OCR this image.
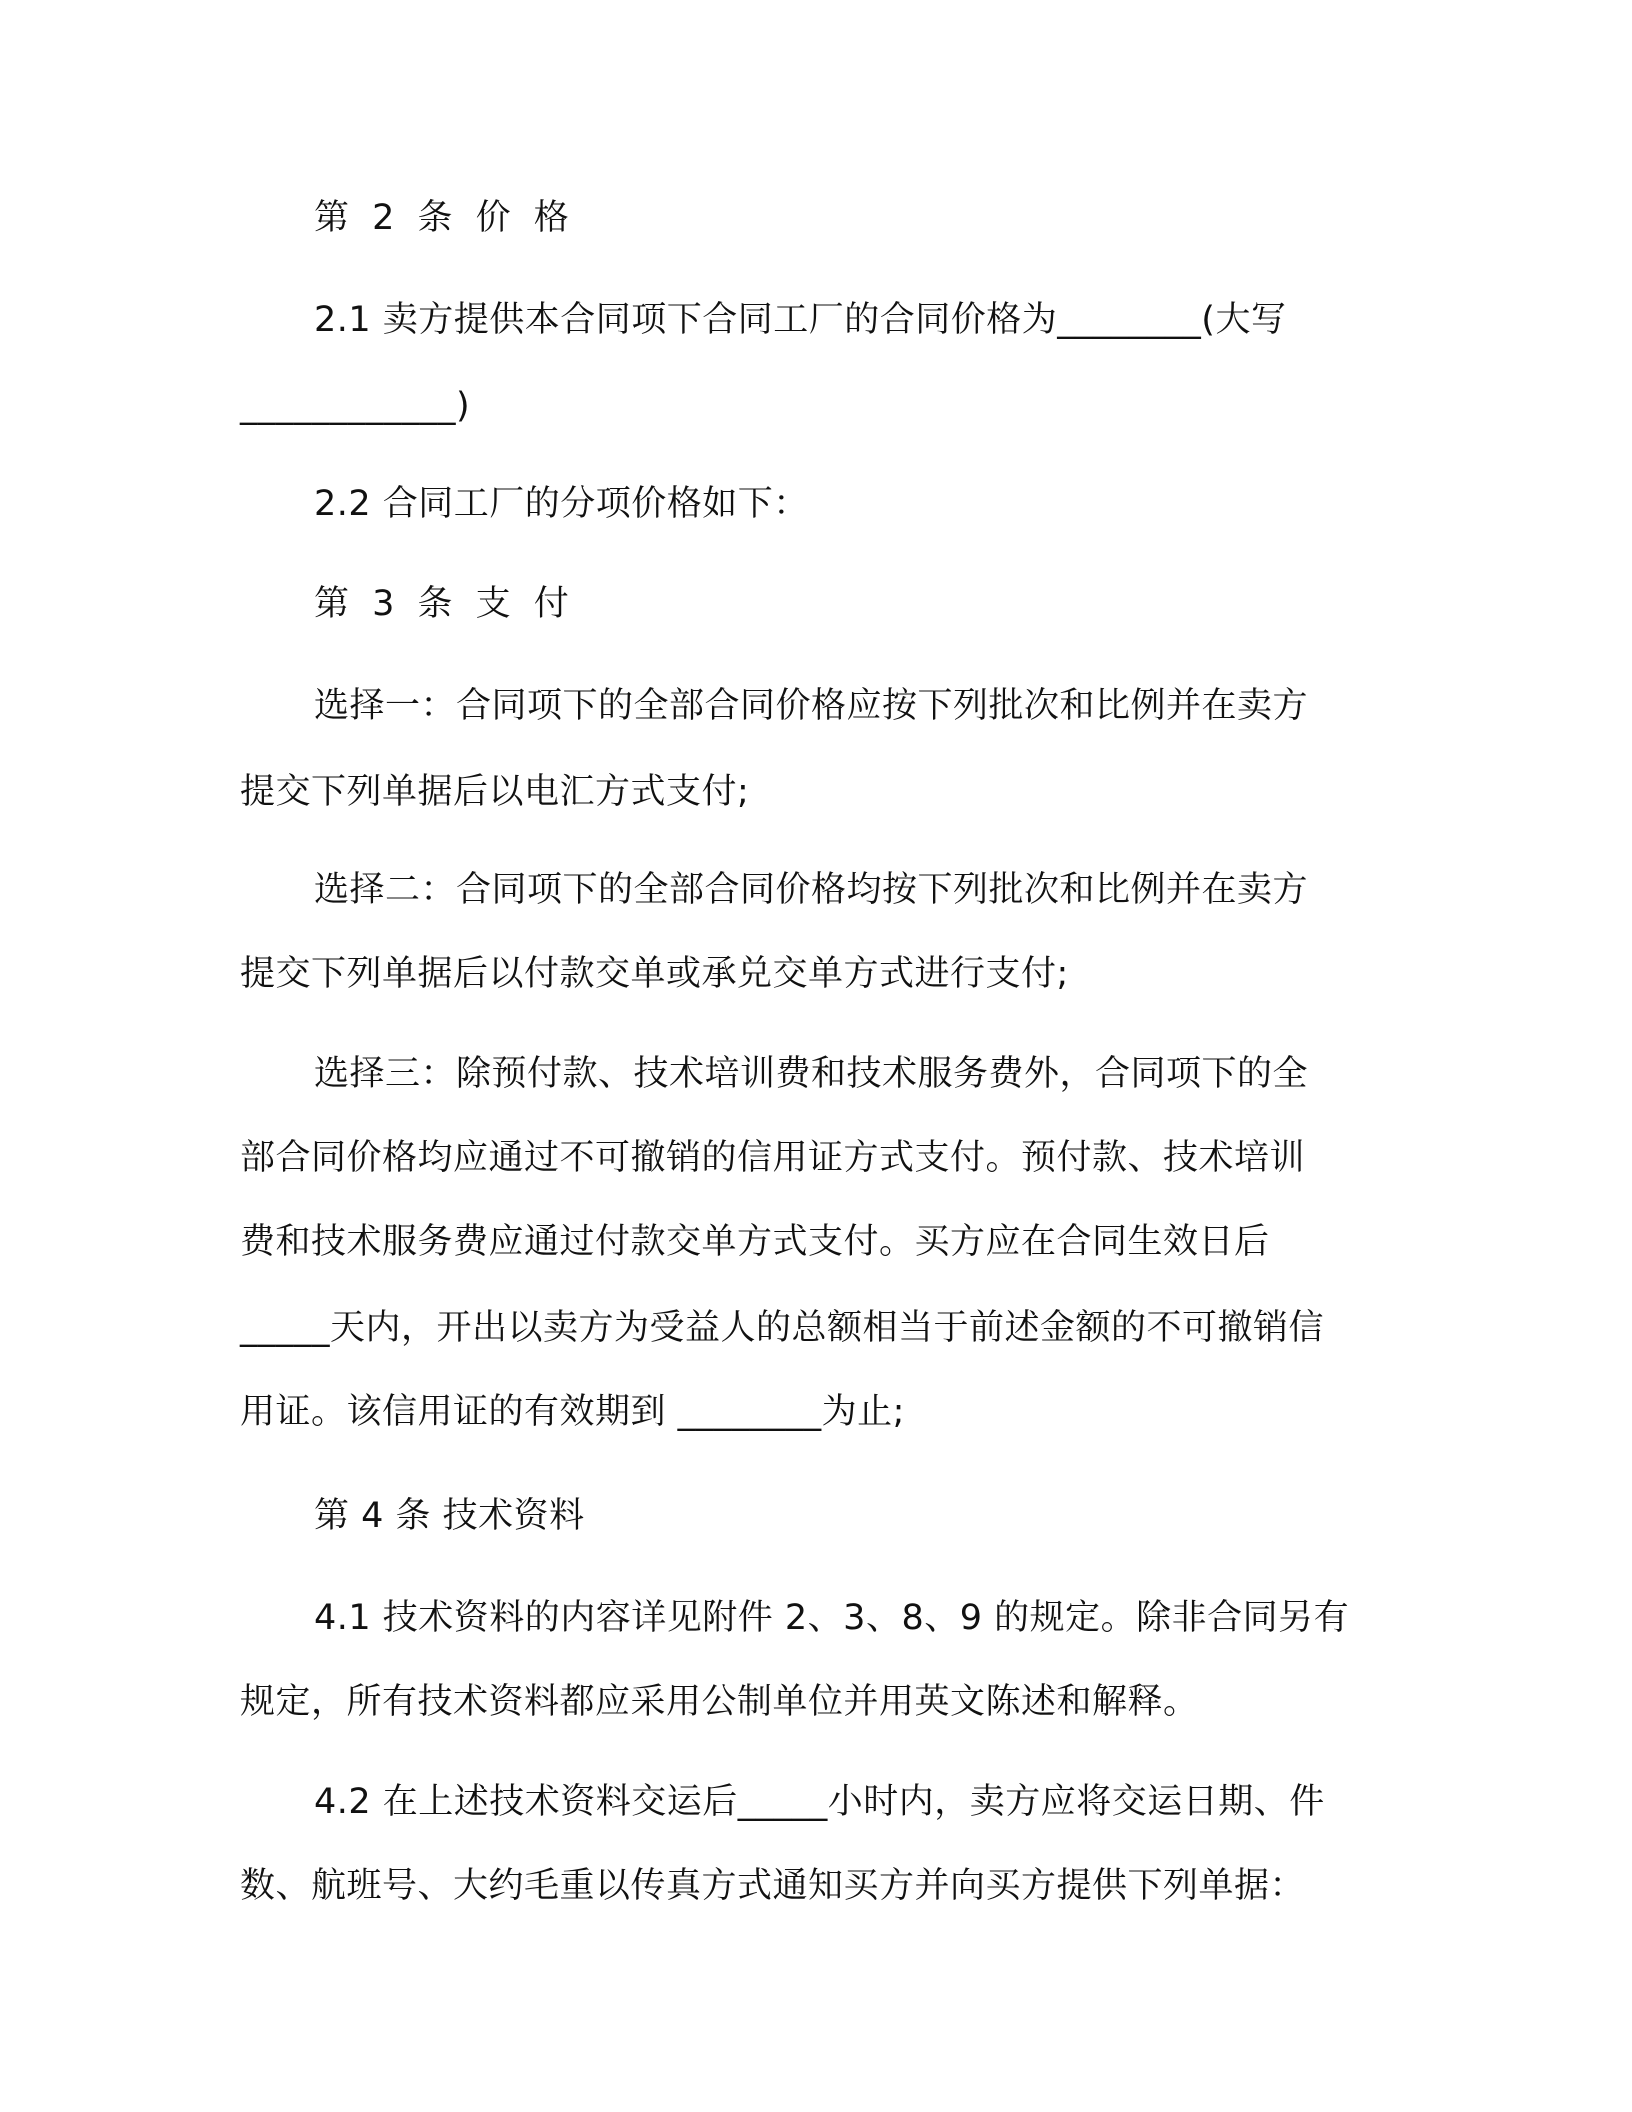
第 2 条 价 格
2.1 卖方提供本合同项下合同工厂的合同价格为________(大写
____________)
2.2 合同工厂的分项价格如下：
第 3 条 支 付
选择一：合同项下的全部合同价格应按下列批次和比例并在卖方
提交下列单据后以电汇方式支付;
选择二：合同项下的全部合同价格均按下列批次和比例并在卖方
提交下列单据后以付款交单或承兑交单方式进行支付;
选择三：除预付款、技术培训费和技术服务费外，合同项下的全
部合同价格均应通过不可撤销的信用证方式支付。预付款、技术培训
费和技术服务费应通过付款交单方式支付。买方应在合同生效日后
_____天内，开出以卖方为受益人的总额相当于前述金额的不可撤销信
用证。该信用证的有效期到 ________为止;
第 4 条 技术资料
4.1 技术资料的内容详见附件 2、3、8、9 的规定。除非合同另有
规定，所有技术资料都应采用公制单位并用英文陈述和解释。
4.2 在上述技术资料交运后_____小时内，卖方应将交运日期、件
数、航班号、大约毛重以传真方式通知买方并向买方提供下列单据：
